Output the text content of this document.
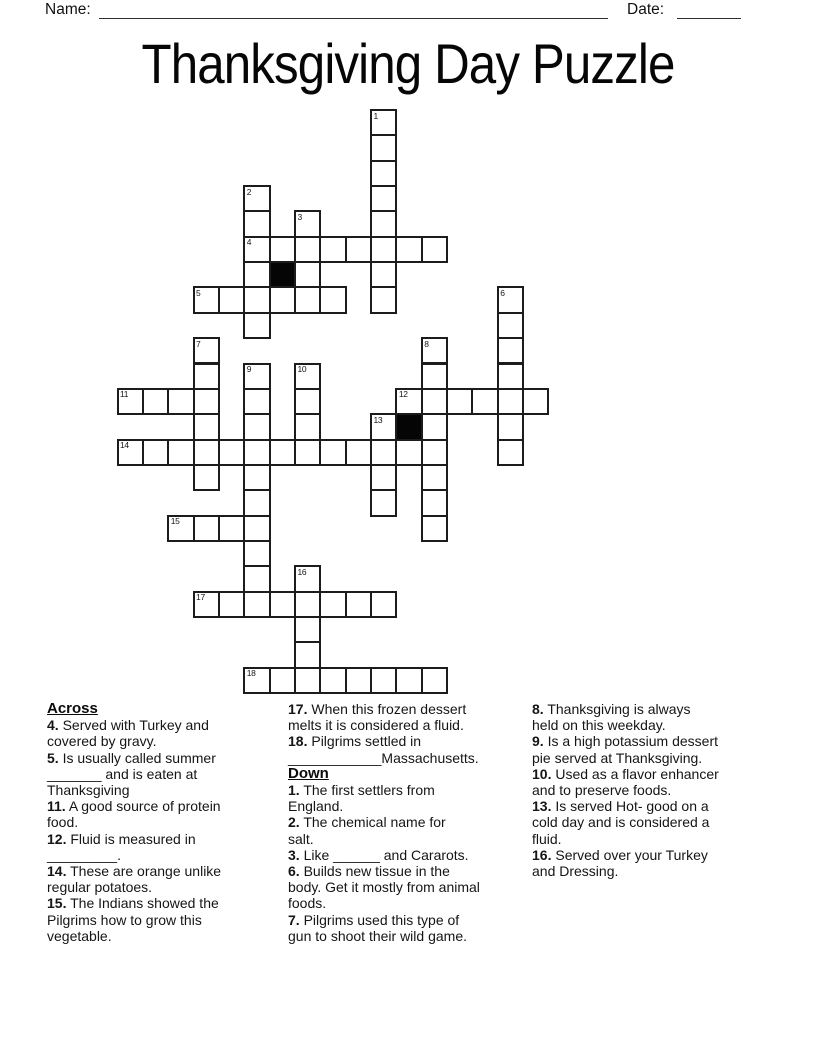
Name:	Date:
Thanksgiving Day Puzzle
1
2
4
3
5	6
7	8
9	10
11	12
13
14
15
16
17
18
Across
4. Served with Turkey and
covered by gravy.
5. Is usually called summer
_______ and is eaten at
Thanksgiving
11. A good source of protein
food.
12. Fluid is measured in
_________.
14. These are orange unlike
regular potatoes.
15. The Indians showed the
Pilgrims how to grow this
vegetable.
17. When this frozen dessert
melts it is considered a fluid.
18. Pilgrims settled in
____________Massachusetts.
Down
1. The first settlers from
England.
2. The chemical name for
salt.
3. Like ______ and Cararots.
6. Builds new tissue in the
body. Get it mostly from animal
foods.
7. Pilgrims used this type of
gun to shoot their wild game.
8. Thanksgiving is always
held on this weekday.
9. Is a high potassium dessert
pie served at Thanksgiving.
10. Used as a flavor enhancer
and to preserve foods.
13. Is served Hot- good on a
cold day and is considered a
fluid.
16. Served over your Turkey
and Dressing.
